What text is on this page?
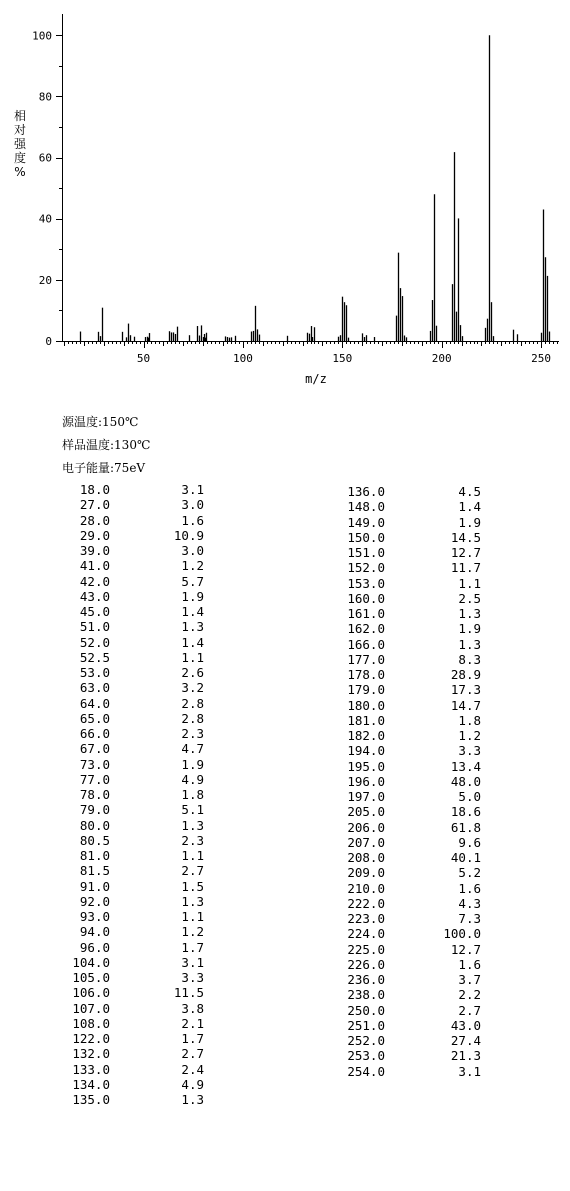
0
20
40
60
80
100
50	100	150	200	250
m/z
相
对
强
度
%
源温度:150℃
样品温度:130℃
电子能量:75eV
18.0	3.1
27.0	3.0
28.0	1.6
29.0	10.9
39.0	3.0
41.0	1.2
42.0	5.7
43.0	1.9
45.0	1.4
51.0	1.3
52.0	1.4
52.5	1.1
53.0	2.6
63.0	3.2
64.0	2.8
65.0	2.8
66.0	2.3
67.0	4.7
73.0	1.9
77.0	4.9
78.0	1.8
79.0	5.1
80.0	1.3
80.5	2.3
81.0	1.1
81.5	2.7
91.0	1.5
92.0	1.3
93.0	1.1
94.0	1.2
96.0	1.7
104.0	3.1
105.0	3.3
106.0	11.5
107.0	3.8
108.0	2.1
122.0	1.7
132.0	2.7
133.0	2.4
134.0	4.9
135.0	1.3
136.0	4.5
148.0	1.4
149.0	1.9
150.0	14.5
151.0	12.7
152.0	11.7
153.0	1.1
160.0	2.5
161.0	1.3
162.0	1.9
166.0	1.3
177.0	8.3
178.0	28.9
179.0	17.3
180.0	14.7
181.0	1.8
182.0	1.2
194.0	3.3
195.0	13.4
196.0	48.0
197.0	5.0
205.0	18.6
206.0	61.8
207.0	9.6
208.0	40.1
209.0	5.2
210.0	1.6
222.0	4.3
223.0	7.3
224.0	100.0
225.0	12.7
226.0	1.6
236.0	3.7
238.0	2.2
250.0	2.7
251.0	43.0
252.0	27.4
253.0	21.3
254.0	3.1
